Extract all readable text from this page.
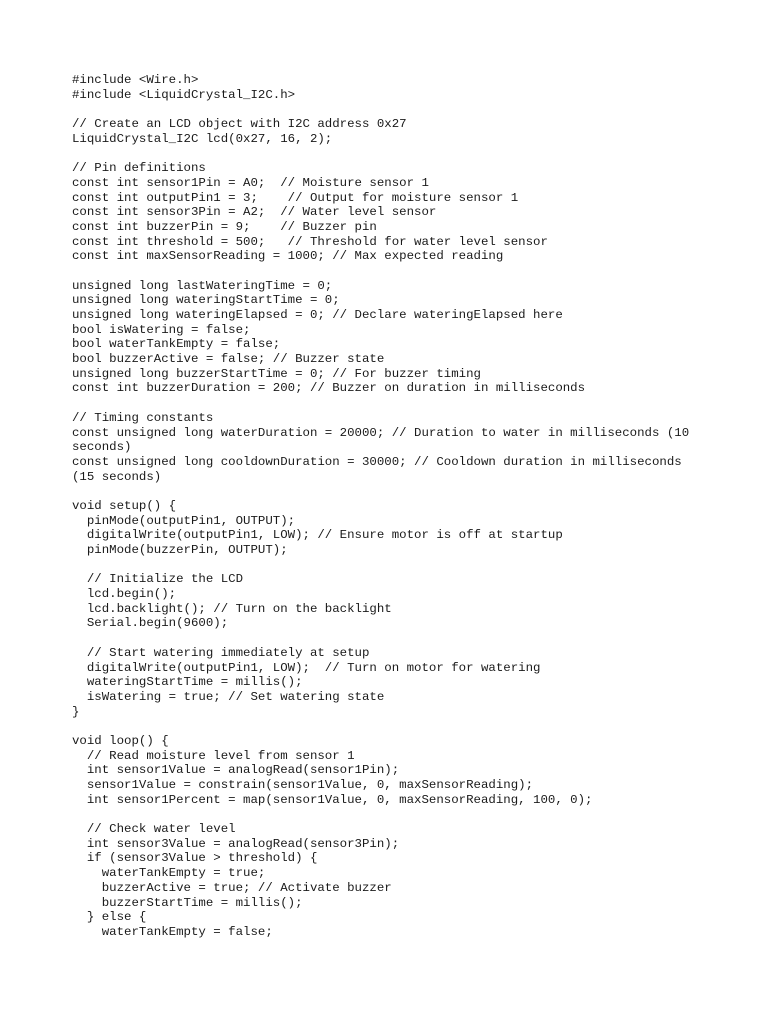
#include <Wire.h>
#include <LiquidCrystal_I2C.h>

// Create an LCD object with I2C address 0x27
LiquidCrystal_I2C lcd(0x27, 16, 2);

// Pin definitions
const int sensor1Pin = A0;  // Moisture sensor 1
const int outputPin1 = 3;    // Output for moisture sensor 1
const int sensor3Pin = A2;  // Water level sensor
const int buzzerPin = 9;    // Buzzer pin
const int threshold = 500;   // Threshold for water level sensor
const int maxSensorReading = 1000; // Max expected reading

unsigned long lastWateringTime = 0;
unsigned long wateringStartTime = 0;
unsigned long wateringElapsed = 0; // Declare wateringElapsed here
bool isWatering = false;
bool waterTankEmpty = false;
bool buzzerActive = false; // Buzzer state
unsigned long buzzerStartTime = 0; // For buzzer timing
const int buzzerDuration = 200; // Buzzer on duration in milliseconds

// Timing constants
const unsigned long waterDuration = 20000; // Duration to water in milliseconds (10
seconds)
const unsigned long cooldownDuration = 30000; // Cooldown duration in milliseconds
(15 seconds)

void setup() {
pinMode(outputPin1, OUTPUT);
digitalWrite(outputPin1, LOW); // Ensure motor is off at startup
pinMode(buzzerPin, OUTPUT);

// Initialize the LCD
lcd.begin();
lcd.backlight(); // Turn on the backlight
Serial.begin(9600);

// Start watering immediately at setup
digitalWrite(outputPin1, LOW);  // Turn on motor for watering
wateringStartTime = millis();
isWatering = true; // Set watering state
}

void loop() {
// Read moisture level from sensor 1
int sensor1Value = analogRead(sensor1Pin);
sensor1Value = constrain(sensor1Value, 0, maxSensorReading);
int sensor1Percent = map(sensor1Value, 0, maxSensorReading, 100, 0);

// Check water level
int sensor3Value = analogRead(sensor3Pin);
if (sensor3Value > threshold) {
waterTankEmpty = true;
buzzerActive = true; // Activate buzzer
buzzerStartTime = millis();
} else {
waterTankEmpty = false;
